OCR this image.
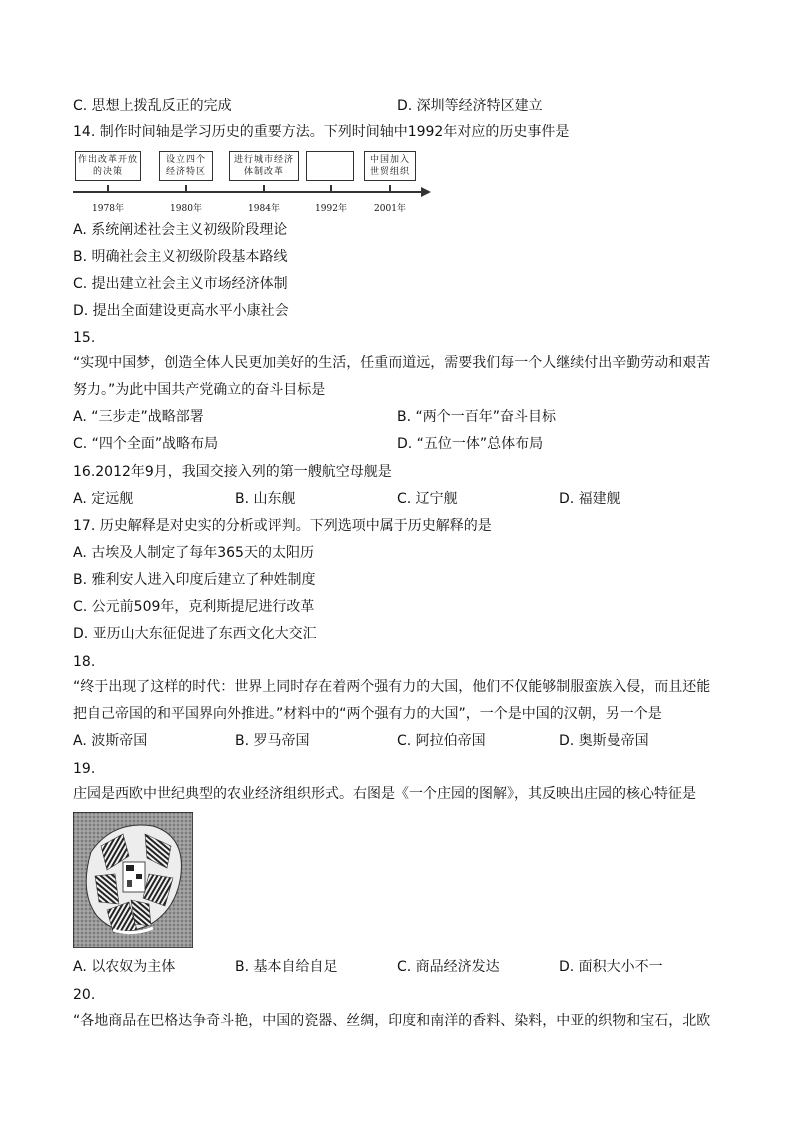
C. 思想上拨乱反正的完成	D. 深圳等经济特区建立
14. 制作时间轴是学习历史的重要方法。下列时间轴中1992年对应的历史事件是
作出改革开放
的决策
设立四个
经济特区
进行城市经济
体制改革
中国加入
世贸组织
1978年	1980年	1984年	1992年	2001年
A. 系统阐述社会主义初级阶段理论
B. 明确社会主义初级阶段基本路线
C. 提出建立社会主义市场经济体制
D. 提出全面建设更高水平小康社会
15.
“实现中国梦，创造全体人民更加美好的生活，任重而道远，需要我们每一个人继续付出辛勤劳动和艰苦
努力。”为此中国共产党确立的奋斗目标是
A. “三步走”战略部署	B. “两个一百年”奋斗目标
C. “四个全面”战略布局	D. “五位一体”总体布局
16.2012年9月，我国交接入列的第一艘航空母舰是
A. 定远舰	B. 山东舰	C. 辽宁舰	D. 福建舰
17. 历史解释是对史实的分析或评判。下列选项中属于历史解释的是
A. 古埃及人制定了每年365天的太阳历
B. 雅利安人进入印度后建立了种姓制度
C. 公元前509年，克利斯提尼进行改革
D. 亚历山大东征促进了东西文化大交汇
18.
“终于出现了这样的时代：世界上同时存在着两个强有力的大国，他们不仅能够制服蛮族入侵，而且还能
把自己帝国的和平国界向外推进。”材料中的“两个强有力的大国”，一个是中国的汉朝，另一个是
A. 波斯帝国	B. 罗马帝国	C. 阿拉伯帝国	D. 奥斯曼帝国
19.
庄园是西欧中世纪典型的农业经济组织形式。右图是《一个庄园的图解》，其反映出庄园的核心特征是
A. 以农奴为主体	B. 基本自给自足	C. 商品经济发达	D. 面积大小不一
20.
“各地商品在巴格达争奇斗艳，中国的瓷器、丝绸，印度和南洋的香料、染料，中亚的织物和宝石，北欧
